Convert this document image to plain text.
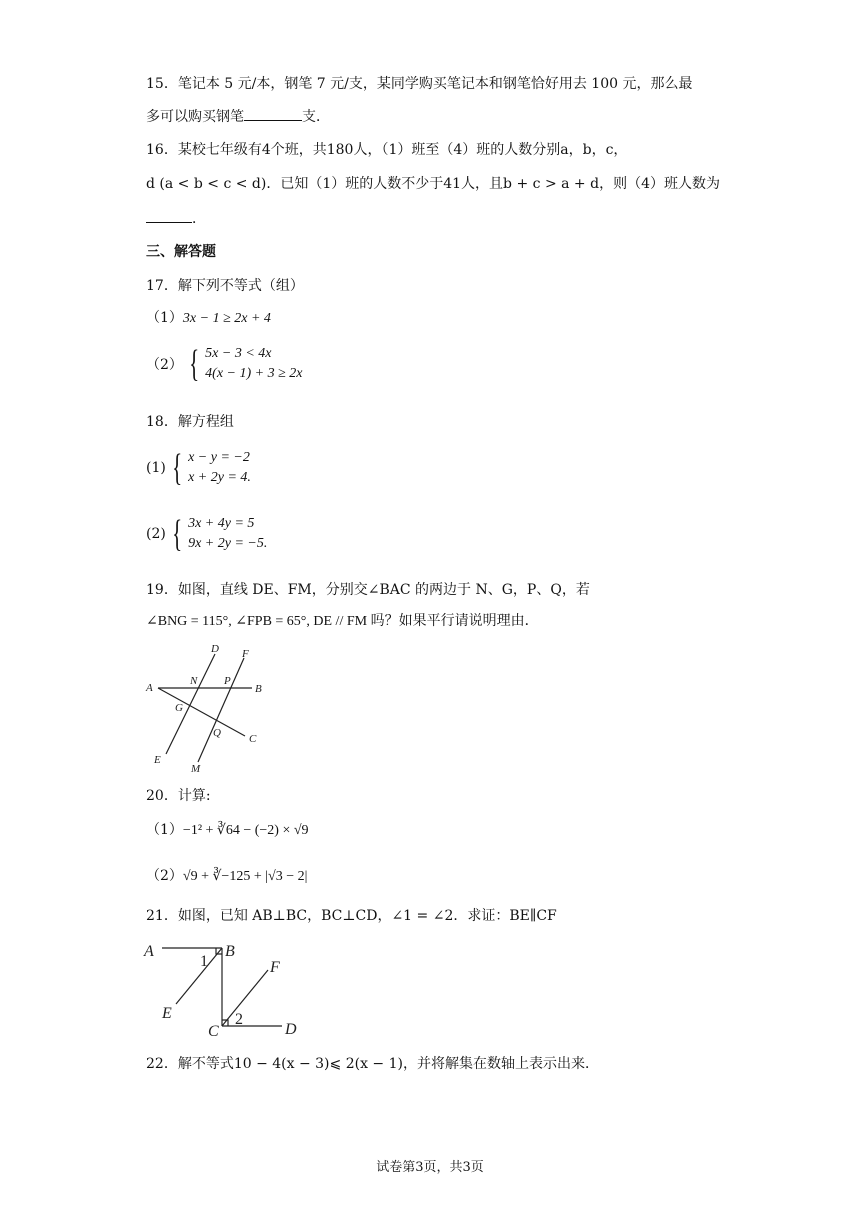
15．笔记本 5 元/本，钢笔 7 元/支，某同学购买笔记本和钢笔恰好用去 100 元，那么最
多可以购买钢笔	支．
16．某校七年级有4个班，共180人，（1）班至（4）班的人数分别a，b，c，
d (a < b < c < d)．已知（1）班的人数不少于41人，且b + c > a + d，则（4）班人数为
．
三、解答题
17．解下列不等式（组）
（1）3x − 1 ≥ 2x + 4
（2） { 5x − 3 < 4x
4(x − 1) + 3 ≥ 2x
18．解方程组
(1) { x − y = −2
x + 2y = 4.
(2) { 3x + 4y = 5
9x + 2y = −5.
19．如图，直线 DE、FM，分别交∠BAC 的两边于 N、G，P、Q，若
∠BNG = 115°, ∠FPB = 65°, DE // FM 吗？如果平行请说明理由．
D F
A
N P
B
G
C
Q
E
M
20．计算:
（1）−1² + ∛64 − (−2) × √9
（2）√9 + ∛−125 + |√3 − 2|
21．如图，已知 AB⊥BC，BC⊥CD，∠1 = ∠2．求证：BE∥CF
A	B
1	F
E
C
2
D
22．解不等式10 − 4(x − 3)⩽ 2(x − 1)，并将解集在数轴上表示出来．
试卷第3页，共3页
